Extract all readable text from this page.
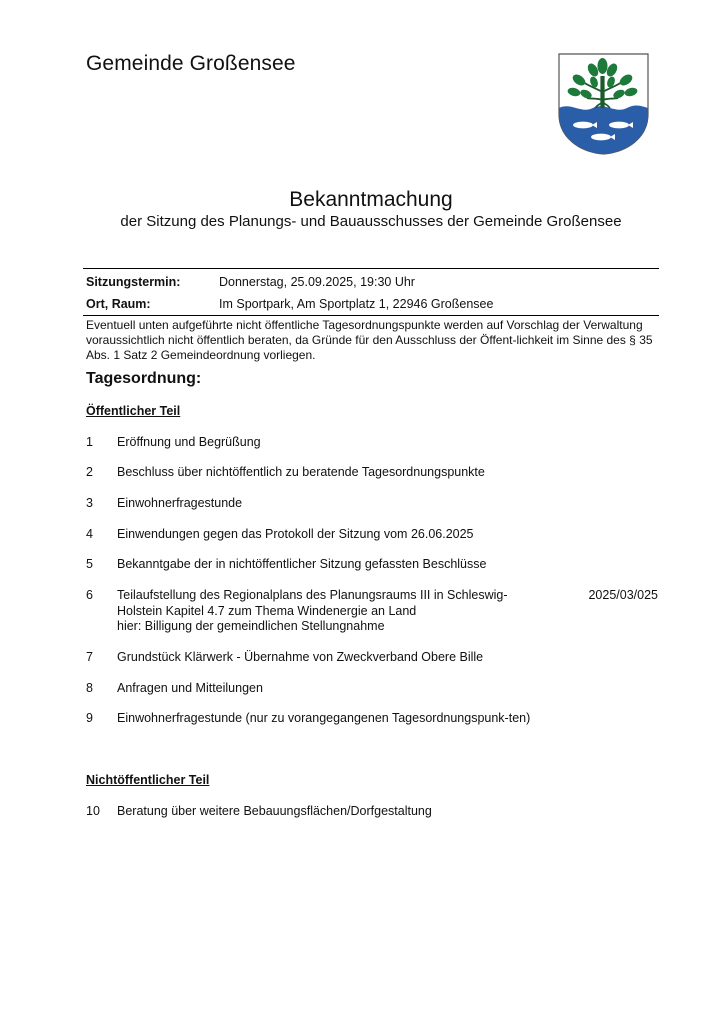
Gemeinde Großensee
Bekanntmachung
der Sitzung des Planungs- und Bauausschusses der Gemeinde Großensee
Sitzungstermin:	Donnerstag, 25.09.2025, 19:30 Uhr
Ort, Raum:	Im Sportpark, Am Sportplatz 1, 22946 Großensee
Eventuell unten aufgeführte nicht öffentliche Tagesordnungspunkte werden auf Vorschlag der Verwaltung voraussichtlich nicht öffentlich beraten, da Gründe für den Ausschluss der Öffent-lichkeit im Sinne des § 35 Abs. 1 Satz 2 Gemeindeordnung vorliegen.
Tagesordnung:
Öffentlicher Teil
1 Eröffnung und Begrüßung
2 Beschluss über nichtöffentlich zu beratende Tagesordnungspunkte
3 Einwohnerfragestunde
4 Einwendungen gegen das Protokoll der Sitzung vom 26.06.2025
5 Bekanntgabe der in nichtöffentlicher Sitzung gefassten Beschlüsse
6 Teilaufstellung des Regionalplans des Planungsraums III in Schleswig-Holstein Kapitel 4.7 zum Thema Windenergie an Land
hier: Billigung der gemeindlichen Stellungnahme
2025/03/025
7 Grundstück Klärwerk - Übernahme von Zweckverband Obere Bille
8 Anfragen und Mitteilungen
9 Einwohnerfragestunde (nur zu vorangegangenen Tagesordnungspunk-ten)
Nichtöffentlicher Teil
10 Beratung über weitere Bebauungsflächen/Dorfgestaltung
